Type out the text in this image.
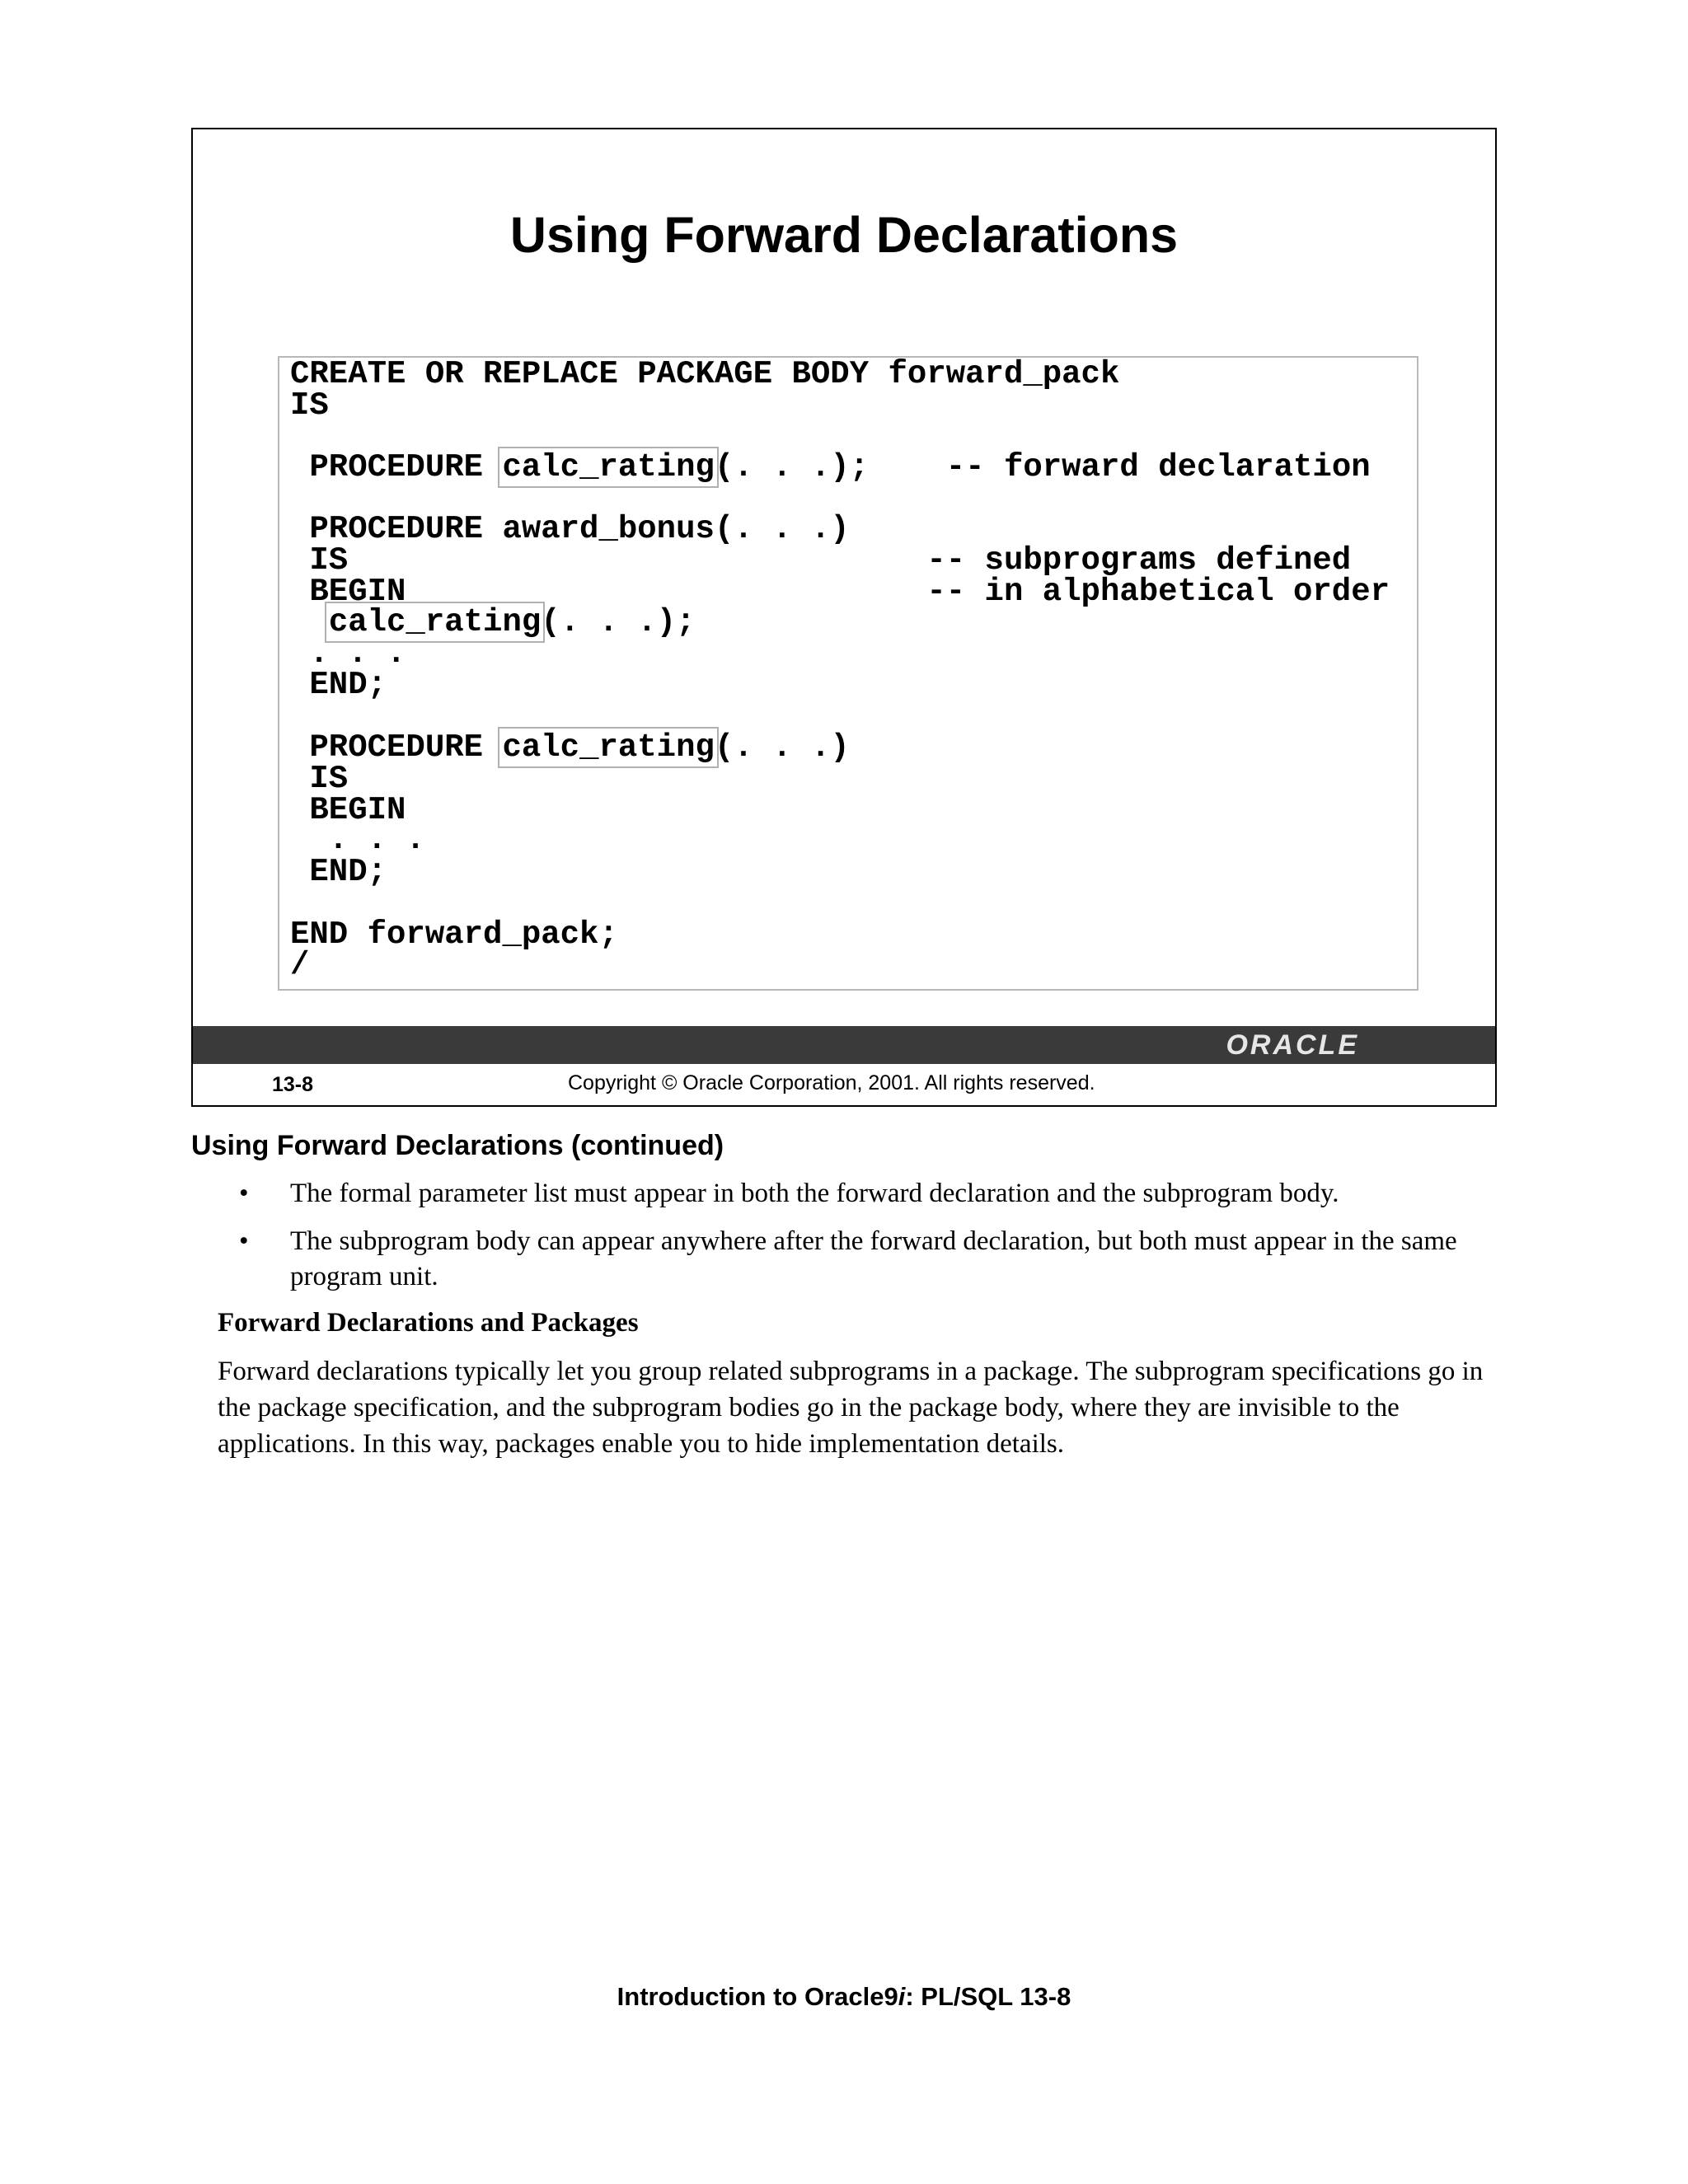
Using Forward Declarations
CREATE OR REPLACE PACKAGE BODY forward_pack
IS
PROCEDURE calc_rating(. . .);    -- forward declaration
PROCEDURE award_bonus(. . .)
IS                              -- subprograms defined
BEGIN                           -- in alphabetical order
calc_rating(. . .);
. . .
END;
PROCEDURE calc_rating(. . .)
IS
BEGIN
. . .
END;
END forward_pack;
/
ORACLE
13-8	Copyright © Oracle Corporation, 2001. All rights reserved.
Using Forward Declarations (continued)
• The formal parameter list must appear in both the forward declaration and the subprogram body.
• The subprogram body can appear anywhere after the forward declaration, but both must appear in the same program unit.
Forward Declarations and Packages
Forward declarations typically let you group related subprograms in a package. The subprogram specifications go in the package specification, and the subprogram bodies go in the package body, where they are invisible to the applications. In this way, packages enable you to hide implementation details.
Introduction to Oracle9i: PL/SQL 13-8
